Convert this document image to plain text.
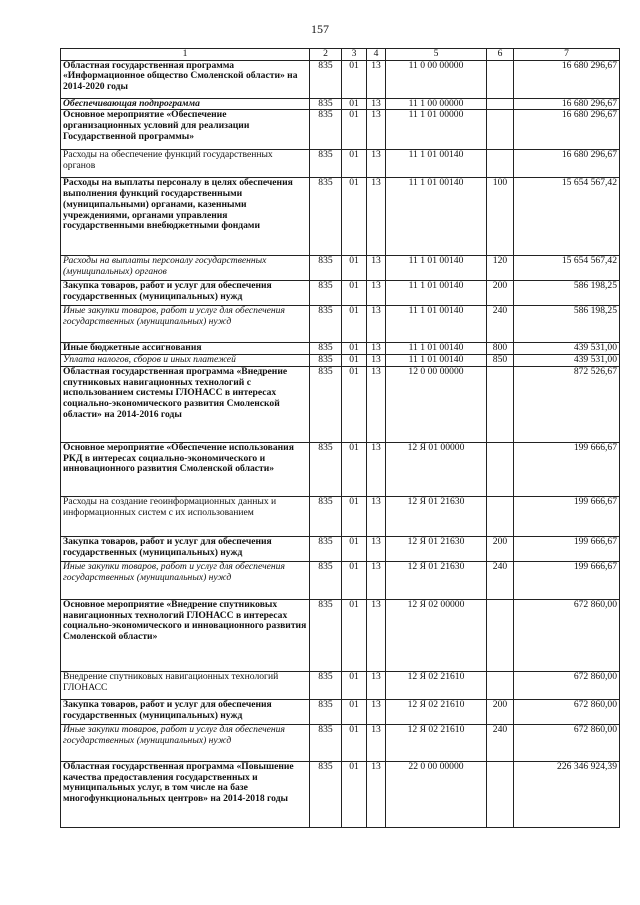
157
1	2	3	4	5	6	7
Областная государственная программа «Информационное общество Смоленской области» на 2014-2020 годы	835	01	13	11 0 00 00000		16 680 296,67
Обеспечивающая подпрограмма	835	01	13	11 1 00 00000		16 680 296,67
Основное мероприятие «Обеспечение организационных условий для реализации Государственной программы»	835	01	13	11 1 01 00000		16 680 296,67
Расходы на обеспечение функций государственных органов	835	01	13	11 1 01 00140		16 680 296,67
Расходы на выплаты персоналу в целях обеспечения выполнения функций государственными (муниципальными) органами, казенными учреждениями, органами управления государственными внебюджетными фондами	835	01	13	11 1 01 00140	100	15 654 567,42
Расходы на выплаты персоналу государственных (муниципальных) органов	835	01	13	11 1 01 00140	120	15 654 567,42
Закупка товаров, работ и услуг для обеспечения государственных (муниципальных) нужд	835	01	13	11 1 01 00140	200	586 198,25
Иные закупки товаров, работ и услуг для обеспечения государственных (муниципальных) нужд	835	01	13	11 1 01 00140	240	586 198,25
Иные бюджетные ассигнования	835	01	13	11 1 01 00140	800	439 531,00
Уплата налогов, сборов и иных платежей	835	01	13	11 1 01 00140	850	439 531,00
Областная государственная программа «Внедрение спутниковых навигационных технологий с использованием системы ГЛОНАСС в интересах социально-экономического развития Смоленской области» на 2014-2016 годы	835	01	13	12 0 00 00000		872 526,67
Основное мероприятие «Обеспечение использования РКД в интересах социально-экономического и инновационного развития Смоленской области»	835	01	13	12 Я 01 00000		199 666,67
Расходы на создание геоинформационных данных и информационных систем с их использованием	835	01	13	12 Я 01 21630		199 666,67
Закупка товаров, работ и услуг для обеспечения государственных (муниципальных) нужд	835	01	13	12 Я 01 21630	200	199 666,67
Иные закупки товаров, работ и услуг для обеспечения государственных (муниципальных) нужд	835	01	13	12 Я 01 21630	240	199 666,67
Основное мероприятие «Внедрение спутниковых навигационных технологий ГЛОНАСС в интересах социально-экономического и инновационного развития Смоленской области»	835	01	13	12 Я 02 00000		672 860,00
Внедрение спутниковых навигационных технологий ГЛОНАСС	835	01	13	12 Я 02 21610		672 860,00
Закупка товаров, работ и услуг для обеспечения государственных (муниципальных) нужд	835	01	13	12 Я 02 21610	200	672 860,00
Иные закупки товаров, работ и услуг для обеспечения государственных (муниципальных) нужд	835	01	13	12 Я 02 21610	240	672 860,00
Областная государственная программа «Повышение качества предоставления государственных и муниципальных услуг, в том числе на базе многофункциональных центров» на 2014-2018 годы	835	01	13	22 0 00 00000		226 346 924,39
